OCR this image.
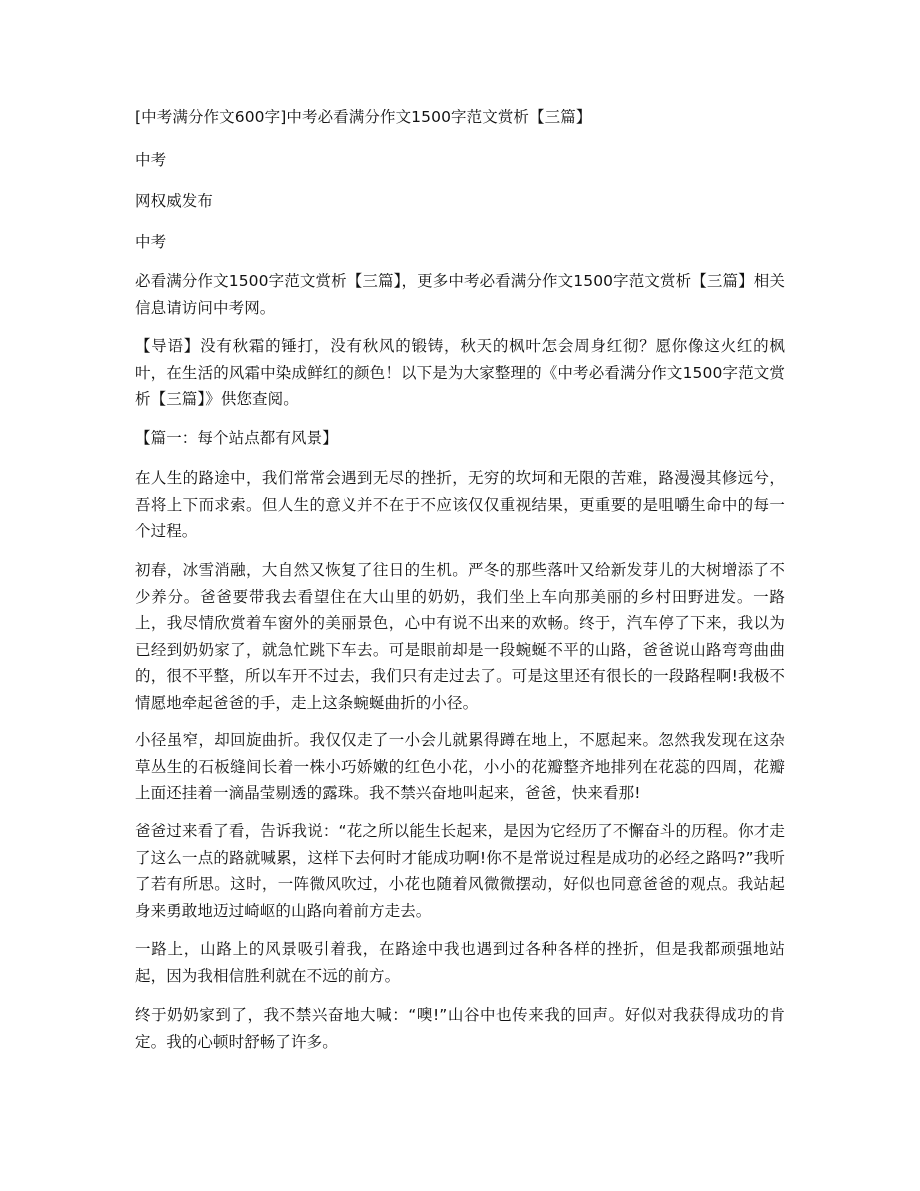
[中考满分作文600字]中考必看满分作文1500字范文赏析【三篇】

中考

网权威发布

中考

必看满分作文1500字范文赏析【三篇】，更多中考必看满分作文1500字范文赏析【三篇】相关信息请访问中考网。

【导语】没有秋霜的锤打，没有秋风的锻铸，秋天的枫叶怎会周身红彻？愿你像这火红的枫叶，在生活的风霜中染成鲜红的颜色！以下是为大家整理的《中考必看满分作文1500字范文赏析【三篇】》供您查阅。

【篇一：每个站点都有风景】

在人生的路途中，我们常常会遇到无尽的挫折，无穷的坎坷和无限的苦难，路漫漫其修远兮，吾将上下而求索。但人生的意义并不在于不应该仅仅重视结果，更重要的是咀嚼生命中的每一个过程。

初春，冰雪消融，大自然又恢复了往日的生机。严冬的那些落叶又给新发芽儿的大树增添了不少养分。爸爸要带我去看望住在大山里的奶奶，我们坐上车向那美丽的乡村田野进发。一路上，我尽情欣赏着车窗外的美丽景色，心中有说不出来的欢畅。终于，汽车停了下来，我以为已经到奶奶家了，就急忙跳下车去。可是眼前却是一段蜿蜒不平的山路，爸爸说山路弯弯曲曲的，很不平整，所以车开不过去，我们只有走过去了。可是这里还有很长的一段路程啊!我极不情愿地牵起爸爸的手，走上这条蜿蜒曲折的小径。

小径虽窄，却回旋曲折。我仅仅走了一小会儿就累得蹲在地上，不愿起来。忽然我发现在这杂草丛生的石板缝间长着一株小巧娇嫩的红色小花，小小的花瓣整齐地排列在花蕊的四周，花瓣上面还挂着一滴晶莹剔透的露珠。我不禁兴奋地叫起来，爸爸，快来看那!

爸爸过来看了看，告诉我说：“花之所以能生长起来，是因为它经历了不懈奋斗的历程。你才走了这么一点的路就喊累，这样下去何时才能成功啊!你不是常说过程是成功的必经之路吗?”我听了若有所思。这时，一阵微风吹过，小花也随着风微微摆动，好似也同意爸爸的观点。我站起身来勇敢地迈过崎岖的山路向着前方走去。

一路上，山路上的风景吸引着我，在路途中我也遇到过各种各样的挫折，但是我都顽强地站起，因为我相信胜利就在不远的前方。

终于奶奶家到了，我不禁兴奋地大喊：“噢!”山谷中也传来我的回声。好似对我获得成功的肯定。我的心顿时舒畅了许多。
